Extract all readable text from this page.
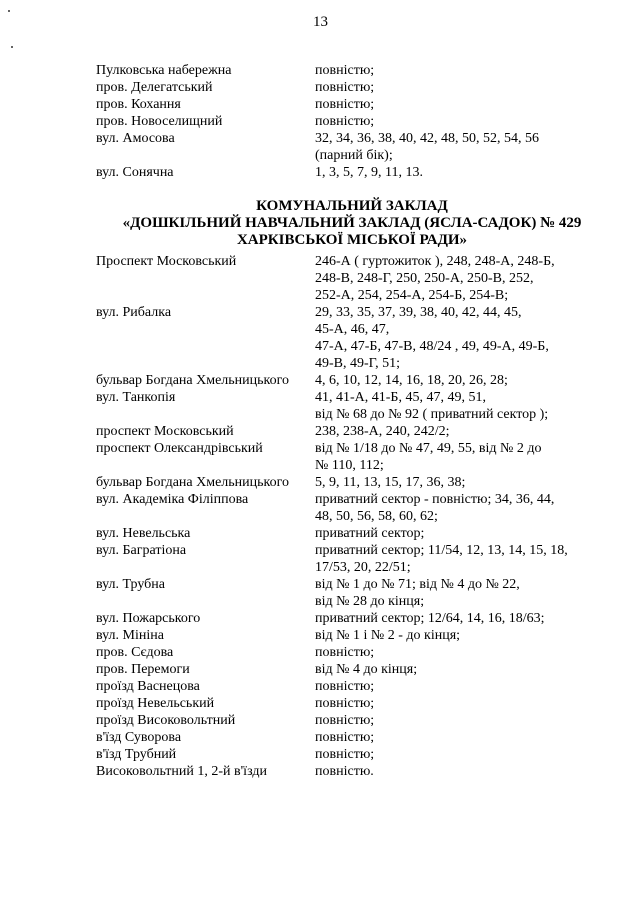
13
Пулковська набережна	повністю;
пров. Делегатський	повністю;
пров. Кохання	повністю;
пров. Новоселищний	повністю;
вул. Амосова	32, 34, 36, 38, 40, 42, 48, 50, 52, 54, 56
(парний бік);
вул. Сонячна	1, 3, 5, 7, 9, 11, 13.
КОМУНАЛЬНИЙ ЗАКЛАД
«ДОШКІЛЬНИЙ НАВЧАЛЬНИЙ ЗАКЛАД (ЯСЛА-САДОК) № 429
ХАРКІВСЬКОЇ МІСЬКОЇ РАДИ»
Проспект Московський	246-А ( гуртожиток ), 248, 248-А, 248-Б,
248-В, 248-Г, 250, 250-А, 250-В, 252,
252-А, 254, 254-А, 254-Б, 254-В;
вул. Рибалка	29, 33, 35, 37, 39, 38, 40, 42, 44, 45,
45-А, 46, 47,
47-А, 47-Б, 47-В, 48/24 , 49, 49-А, 49-Б,
49-В, 49-Г, 51;
бульвар Богдана Хмельницького	4, 6, 10, 12, 14, 16, 18, 20, 26, 28;
вул. Танкопія	41, 41-А, 41-Б, 45, 47, 49, 51,
від № 68 до № 92 ( приватний сектор );
проспект Московський	238, 238-А, 240, 242/2;
проспект Олександрівський	від № 1/18 до № 47, 49, 55, від № 2 до
№ 110, 112;
бульвар Богдана Хмельницького	5, 9, 11, 13, 15, 17, 36, 38;
вул. Академіка Філіппова	приватний сектор - повністю; 34, 36, 44,
48, 50, 56, 58, 60, 62;
вул. Невельська	приватний сектор;
вул. Багратіона	приватний сектор; 11/54, 12, 13, 14, 15, 18,
17/53, 20, 22/51;
вул. Трубна	від № 1 до № 71; від № 4 до № 22,
від № 28 до кінця;
вул. Пожарського	приватний сектор; 12/64, 14, 16, 18/63;
вул. Мініна	від № 1 і № 2 - до кінця;
пров. Сєдова	повністю;
пров. Перемоги	від № 4 до кінця;
проїзд Васнецова	повністю;
проїзд Невельський	повністю;
проїзд Високовольтний	повністю;
в'їзд Суворова	повністю;
в'їзд Трубний	повністю;
Високовольтний 1, 2-й в'їзди	повністю.
